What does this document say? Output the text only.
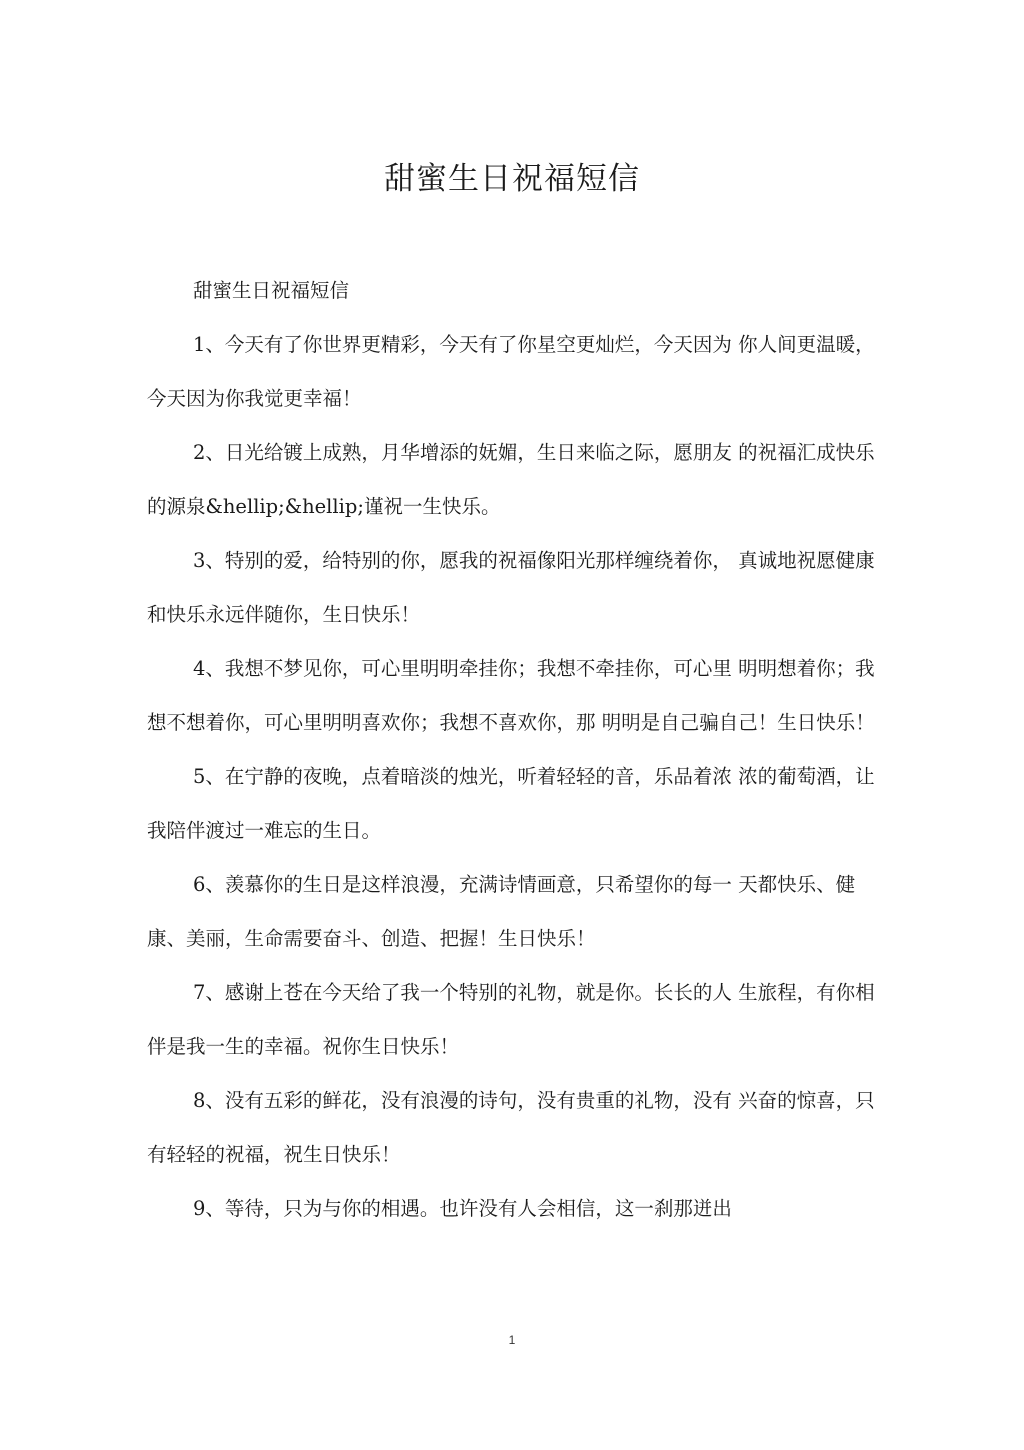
甜蜜生日祝福短信

甜蜜生日祝福短信

1、今天有了你世界更精彩，今天有了你星空更灿烂，今天因为 你人间更温暖，今天因为你我觉更幸福！

2、日光给镀上成熟，月华增添的妩媚，生日来临之际，愿朋友 的祝福汇成快乐的源泉&hellip;&hellip;谨祝一生快乐。

3、特别的爱，给特别的你，愿我的祝福像阳光那样缠绕着你， 真诚地祝愿健康和快乐永远伴随你，生日快乐！

4、我想不梦见你，可心里明明牵挂你；我想不牵挂你，可心里 明明想着你；我想不想着你，可心里明明喜欢你；我想不喜欢你，那 明明是自己骗自己！生日快乐！

5、在宁静的夜晚，点着暗淡的烛光，听着轻轻的音，乐品着浓 浓的葡萄酒，让我陪伴渡过一难忘的生日。

6、羡慕你的生日是这样浪漫，充满诗情画意，只希望你的每一 天都快乐、健康、美丽，生命需要奋斗、创造、把握！生日快乐！

7、感谢上苍在今天给了我一个特别的礼物，就是你。长长的人 生旅程，有你相伴是我一生的幸福。祝你生日快乐！

8、没有五彩的鲜花，没有浪漫的诗句，没有贵重的礼物，没有 兴奋的惊喜，只有轻轻的祝福，祝生日快乐！

9、等待，只为与你的相遇。也许没有人会相信，这一刹那迸出

1
